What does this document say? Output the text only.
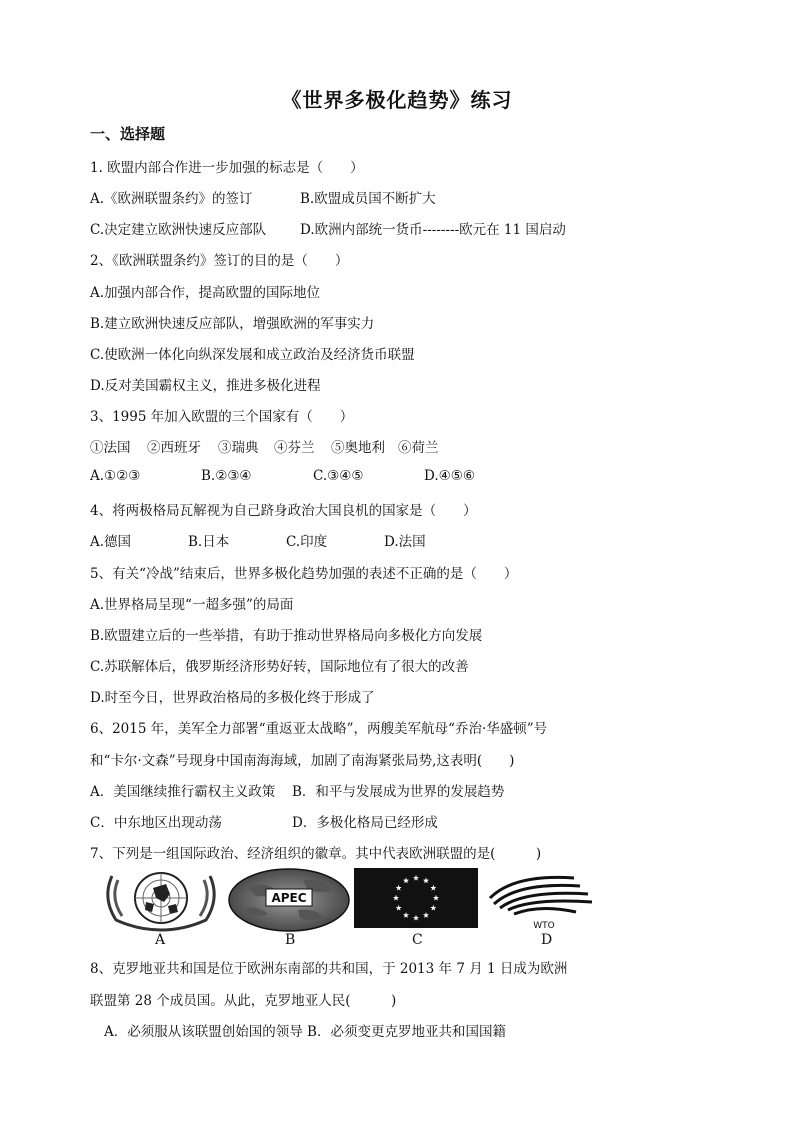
《世界多极化趋势》练习
一、选择题
1. 欧盟内部合作进一步加强的标志是（　　）
A.《欧洲联盟条约》的签订	B.欧盟成员国不断扩大
C.决定建立欧洲快速反应部队	D.欧洲内部统一货币--------欧元在 11 国启动
2、《欧洲联盟条约》签订的目的是（　　）
A.加强内部合作，提高欧盟的国际地位
B.建立欧洲快速反应部队，增强欧洲的军事实力
C.使欧洲一体化向纵深发展和成立政治及经济货币联盟
D.反对美国霸权主义，推进多极化进程
3、1995 年加入欧盟的三个国家有（　　）
①法国 ②西班牙 ③瑞典 ④芬兰 ⑤奥地利 ⑥荷兰
A.①②③	B.②③④	C.③④⑤	D.④⑤⑥
4、将两极格局瓦解视为自己跻身政治大国良机的国家是（　　）
A.德国	B.日本	C.印度	D.法国
5、有关“冷战”结束后，世界多极化趋势加强的表述不正确的是（　　）
A.世界格局呈现“一超多强”的局面
B.欧盟建立后的一些举措，有助于推动世界格局向多极化方向发展
C.苏联解体后，俄罗斯经济形势好转，国际地位有了很大的改善
D.时至今日，世界政治格局的多极化终于形成了
6、2015 年，美军全力部署“重返亚太战略”，两艘美军航母“乔治·华盛顿”号
和“卡尔·文森”号现身中国南海海域，加剧了南海紧张局势,这表明(　　)
A．美国继续推行霸权主义政策 B．和平与发展成为世界的发展趋势
C．中东地区出现动荡	D．多极化格局已经形成
7、下列是一组国际政治、经济组织的徽章。其中代表欧洲联盟的是(　　　)
APEC
WTO
A	B	C	D
8、克罗地亚共和国是位于欧洲东南部的共和国，于 2013 年 7 月 1 日成为欧洲
联盟第 28 个成员国。从此，克罗地亚人民(　　　)
A．必须服从该联盟创始国的领导 B．必须变更克罗地亚共和国国籍
